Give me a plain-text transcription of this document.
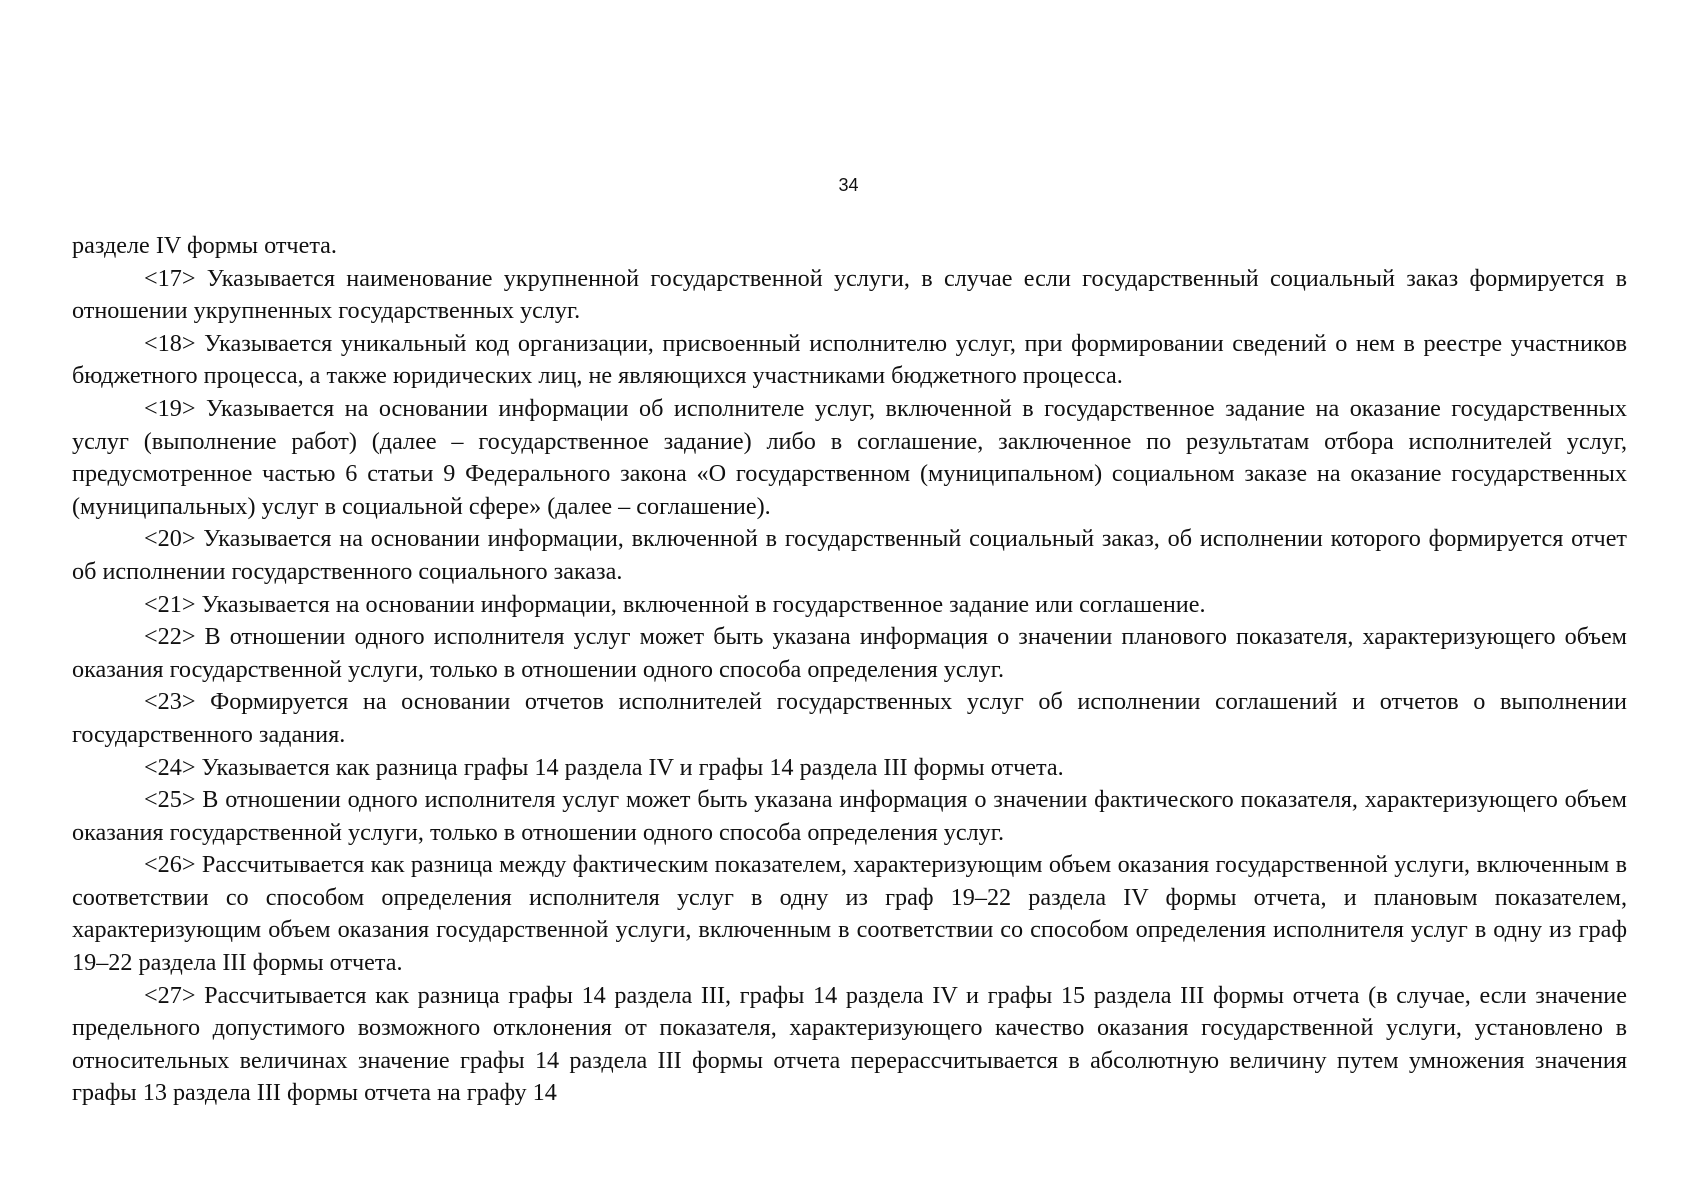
34

разделе IV формы отчета.

<17> Указывается наименование укрупненной государственной услуги, в случае если государственный социальный заказ формируется в отношении укрупненных государственных услуг.

<18> Указывается уникальный код организации, присвоенный исполнителю услуг, при формировании сведений о нем в реестре участников бюджетного процесса, а также юридических лиц, не являющихся участниками бюджетного процесса.

<19> Указывается на основании информации об исполнителе услуг, включенной в государственное задание на оказание государственных услуг (выполнение работ) (далее – государственное задание) либо в соглашение, заключенное по результатам отбора исполнителей услуг, предусмотренное частью 6 статьи 9 Федерального закона «О государственном (муниципальном) социальном заказе на оказание государственных (муниципальных) услуг в социальной сфере» (далее – соглашение).

<20> Указывается на основании информации, включенной в государственный социальный заказ, об исполнении которого формируется отчет об исполнении государственного социального заказа.

<21> Указывается на основании информации, включенной в государственное задание или соглашение.

<22> В отношении одного исполнителя услуг может быть указана информация о значении планового показателя, характеризующего объем оказания государственной услуги, только в отношении одного способа определения услуг.

<23> Формируется на основании отчетов исполнителей государственных услуг об исполнении соглашений и отчетов о выполнении государственного задания.

<24> Указывается как разница графы 14 раздела IV и графы 14 раздела III формы отчета.

<25> В отношении одного исполнителя услуг может быть указана информация о значении фактического показателя, характеризующего объем оказания государственной услуги, только в отношении одного способа определения услуг.

<26> Рассчитывается как разница между фактическим показателем, характеризующим объем оказания государственной услуги, включенным в соответствии со способом определения исполнителя услуг в одну из граф 19–22 раздела IV формы отчета, и плановым показателем, характеризующим объем оказания государственной услуги, включенным в соответствии со способом определения исполнителя услуг в одну из граф 19–22 раздела III формы отчета.

<27> Рассчитывается как разница графы 14 раздела III, графы 14 раздела IV и графы 15 раздела III формы отчета (в случае, если значение предельного допустимого возможного отклонения от показателя, характеризующего качество оказания государственной услуги, установлено в относительных величинах значение графы 14 раздела III формы отчета перерассчитывается в абсолютную величину путем умножения значения графы 13 раздела III формы отчета на графу 14
